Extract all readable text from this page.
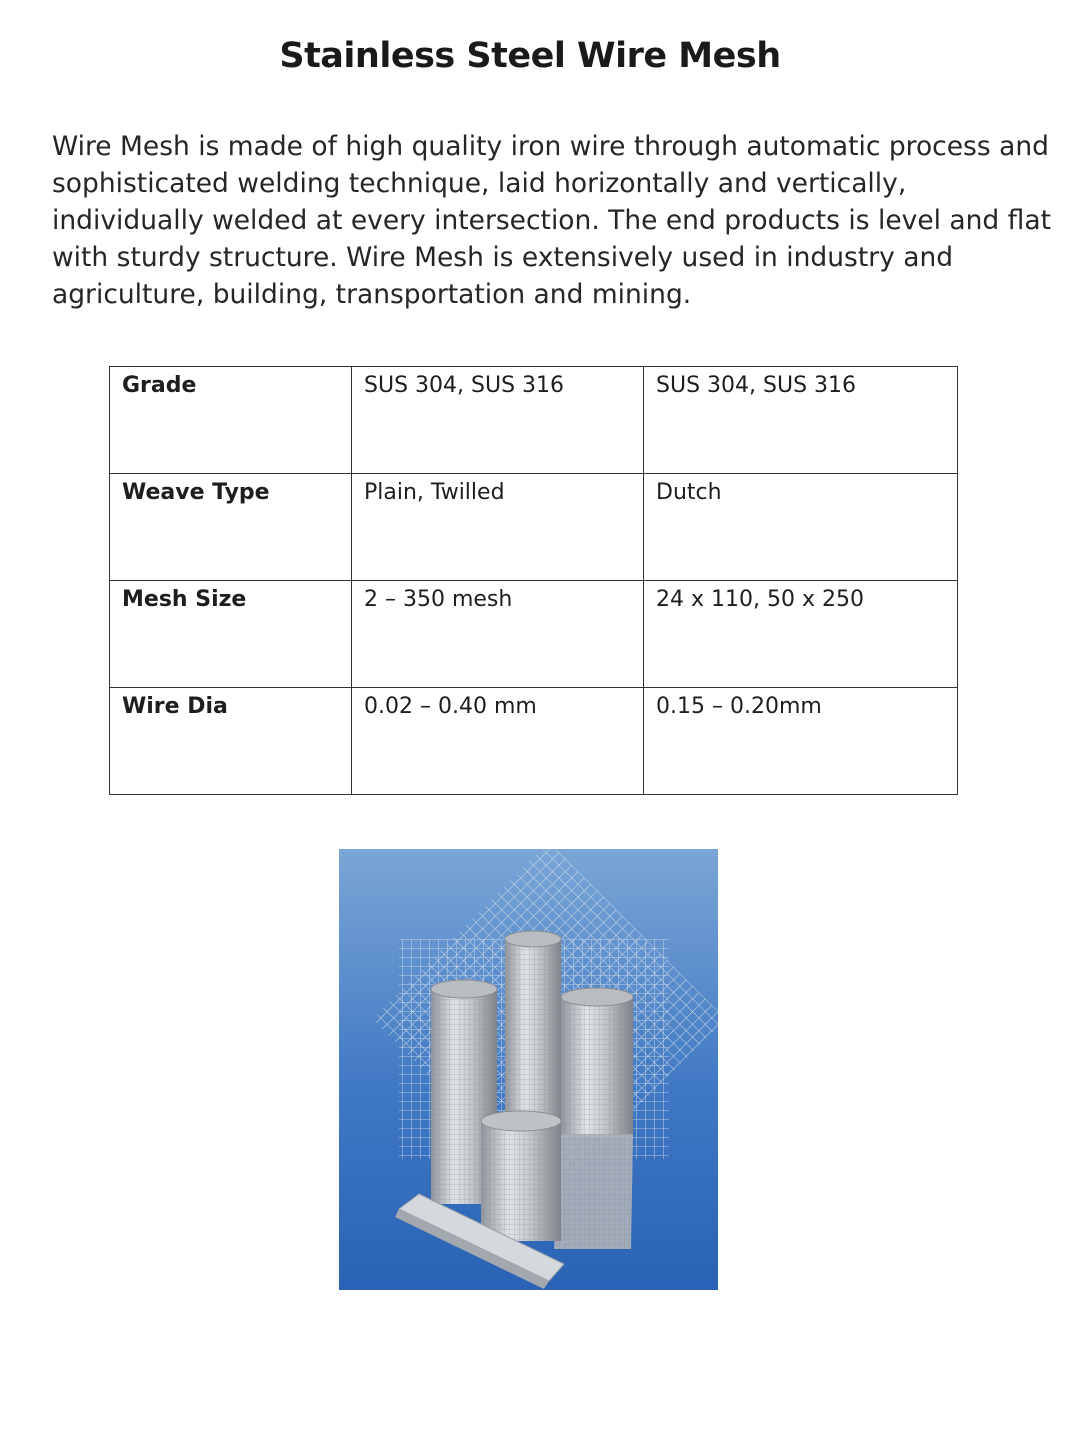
Stainless Steel Wire Mesh

Wire Mesh is made of high quality iron wire through automatic process and
sophisticated welding technique, laid horizontally and vertically,
individually welded at every intersection. The end products is level and flat
with sturdy structure. Wire Mesh is extensively used in industry and
agriculture, building, transportation and mining.

Grade	SUS 304, SUS 316	SUS 304, SUS 316
Weave Type	Plain, Twilled	Dutch
Mesh Size	2 – 350 mesh	24 x 110, 50 x 250
Wire Dia	0.02 – 0.40 mm	0.15 – 0.20mm
